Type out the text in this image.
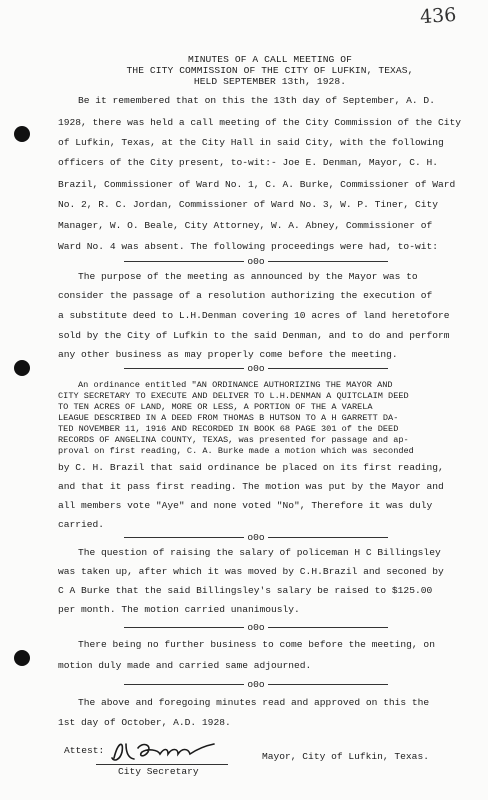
436
MINUTES OF A CALL MEETING OF
THE CITY COMMISSION OF THE CITY OF LUFKIN, TEXAS,
HELD SEPTEMBER 13th, 1928.
Be it remembered that on this the 13th day of September, A. D.
1928, there was held a call meeting of the City Commission of the City
of Lufkin, Texas, at the City Hall in said City, with the following
officers of the City present, to-wit:- Joe E. Denman, Mayor, C. H.
Brazil, Commissioner of Ward No. 1, C. A. Burke, Commissioner of Ward
No. 2, R. C. Jordan, Commissioner of Ward No. 3, W. P. Tiner, City
Manager, W. O. Beale, City Attorney, W. A. Abney, Commissioner of
Ward No. 4 was absent. The following proceedings were had, to-wit:
o0o
The purpose of the meeting as announced by the Mayor was to
consider the passage of a resolution authorizing the execution of
a substitute deed to L.H.Denman covering 10 acres of land heretofore
sold by the City of Lufkin to the said Denman, and to do and perform
any other business as may properly come before the meeting.
o0o
An ordinance entitled "AN ORDINANCE AUTHORIZING THE MAYOR AND
CITY SECRETARY TO EXECUTE AND DELIVER TO L.H.DENMAN A QUITCLAIM DEED
TO TEN ACRES OF LAND, MORE OR LESS, A PORTION OF THE A VARELA
LEAGUE DESCRIBED IN A DEED FROM THOMAS B HUTSON TO A H GARRETT DA-
TED NOVEMBER 11, 1916 AND RECORDED IN BOOK 68 PAGE 301 of the DEED
RECORDS OF ANGELINA COUNTY, TEXAS, was presented for passage and ap-
proval on first reading, C. A. Burke made a motion which was seconded
by C. H. Brazil that said ordinance be placed on its first reading,
and that it pass first reading. The motion was put by the Mayor and
all members vote "Aye" and none voted "No", Therefore it was duly
carried.
o0o
The question of raising the salary of policeman H C Billingsley
was taken up, after which it was moved by C.H.Brazil and seconed by
C A Burke that the said Billingsley's salary be raised to $125.00
per month. The motion carried unanimously.
o0o
There being no further business to come before the meeting, on
motion duly made and carried same adjourned.
o0o
The above and foregoing minutes read and approved on this the
1st day of October, A.D. 1928.
Attest:
City Secretary
Mayor, City of Lufkin, Texas.
